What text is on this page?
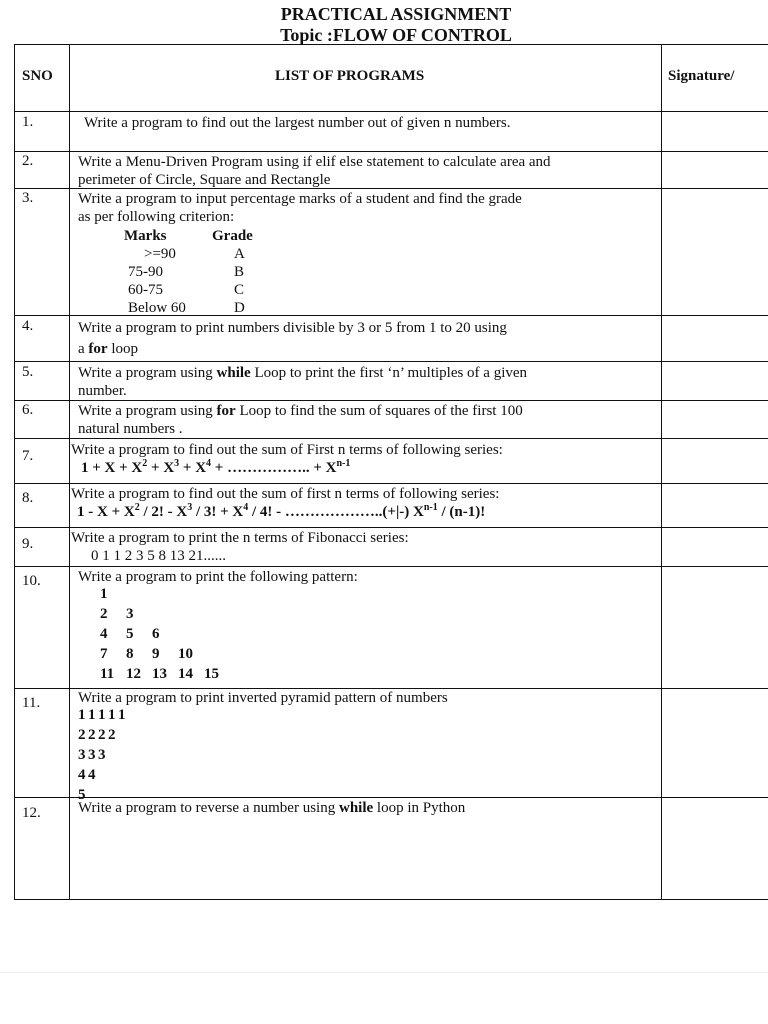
PRACTICAL ASSIGNMENT
Topic :FLOW OF CONTROL
SNO	LIST OF PROGRAMS	Signature/
1.	Write a program to find out the largest number out of given n numbers.
2.	Write a Menu-Driven Program using if elif else statement to calculate area and
perimeter of Circle, Square and Rectangle
3.	Write a program to input percentage marks of a student and find the grade
as per following criterion:
Marks	Grade
>=90	A
75-90	B
60-75	C
Below 60	D
4.	Write a program to print numbers divisible by 3 or 5 from 1 to 20 using
a for loop
5.	Write a program using while Loop to print the first ‘n’ multiples of a given
number.
6.	Write a program using for Loop to find the sum of squares of the first 100
natural numbers .
7.	Write a program to find out the sum of First n terms of following series:
$1 + X + X^2 + X^3 + X^4$ + …………….. + $X^{n-1}$
8.	Write a program to find out the sum of first n terms of following series:
$1 - X + X^2 / 2$! - $X^3 / 3$! + $X^4 / 4$! - ………………..(+|-) $X^{n-1} / (n-1)$!
9.	Write a program to print the n terms of Fibonacci series:
0 1 1 2 3 5 8 13 21......
10. Write a program to print the following pattern:
1
2 3
4 5 6
7 8 9 10
11 12 13 14 15
11.	Write a program to print inverted pyramid pattern of numbers
1 1 1 1 1
2 2 2 2
3 3 3
4 4
5
12. Write a program to reverse a number using while loop in Python
